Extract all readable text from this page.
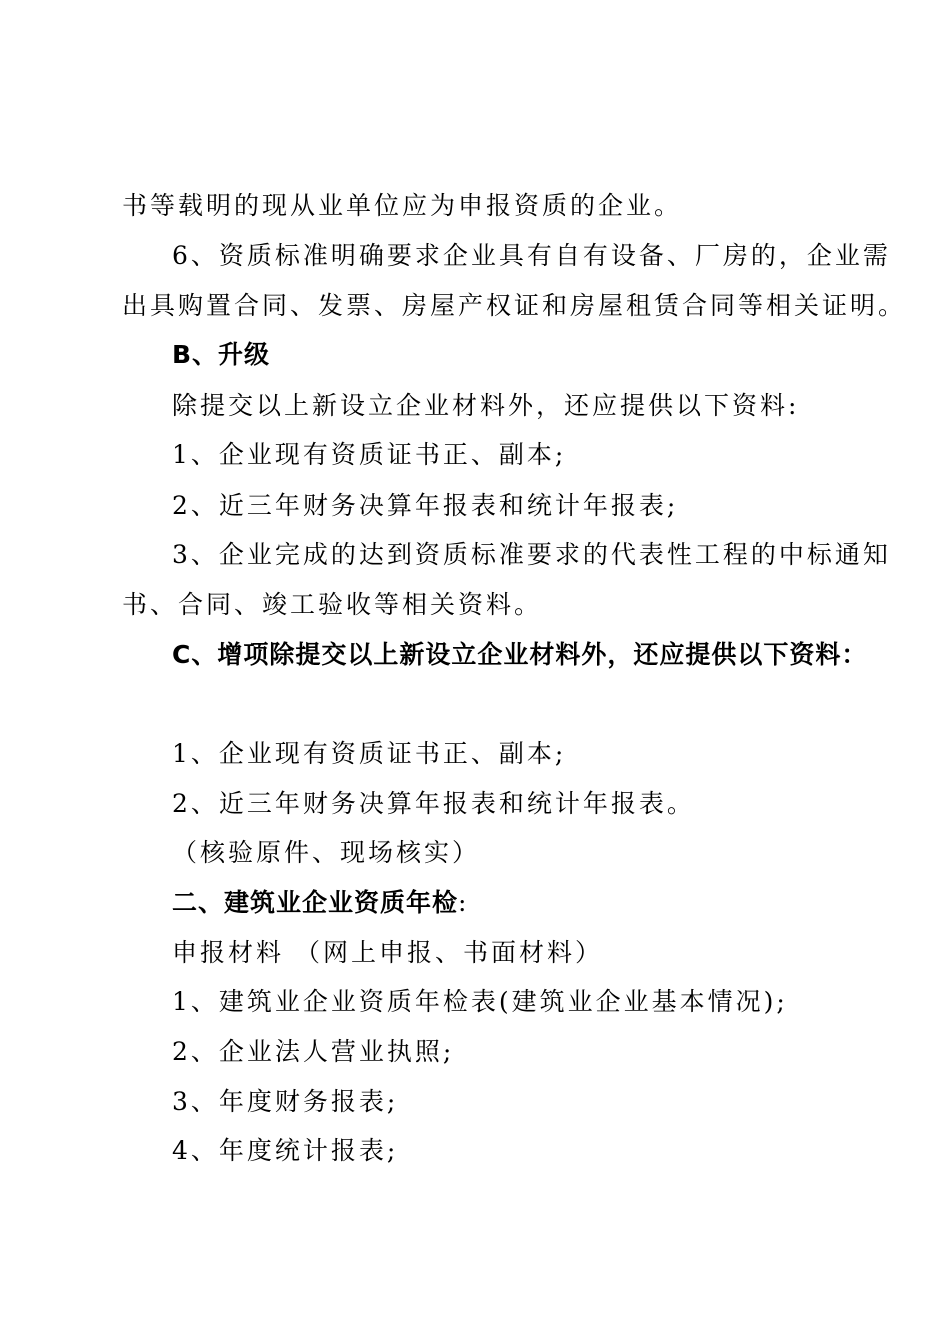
书等载明的现从业单位应为申报资质的企业。
6、资质标准明确要求企业具有自有设备、厂房的，企业需
出具购置合同、发票、房屋产权证和房屋租赁合同等相关证明。
B、升级
除提交以上新设立企业材料外，还应提供以下资料:
1、企业现有资质证书正、副本;
2、近三年财务决算年报表和统计年报表;
3、企业完成的达到资质标准要求的代表性工程的中标通知
书、合同、竣工验收等相关资料。
C、增项除提交以上新设立企业材料外，还应提供以下资料：
1、企业现有资质证书正、副本;
2、近三年财务决算年报表和统计年报表。
（核验原件、现场核实）
二、建筑业企业资质年检:
申报材料 （网上申报、书面材料）
1、建筑业企业资质年检表(建筑业企业基本情况);
2、企业法人营业执照;
3、年度财务报表;
4、年度统计报表;
